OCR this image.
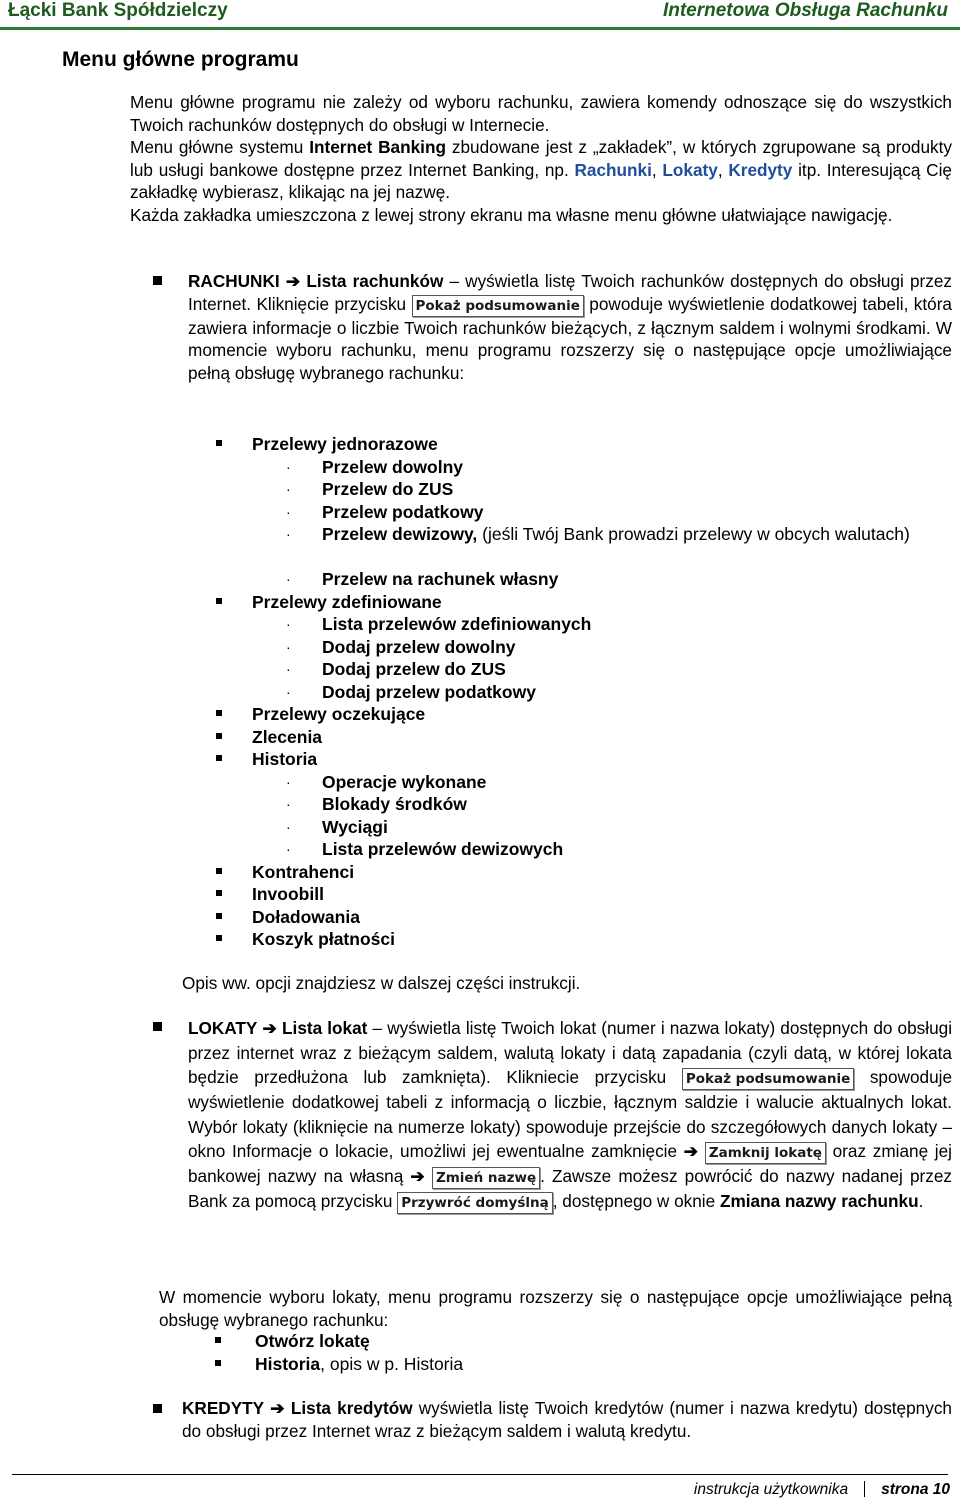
Łącki Bank Spółdzielczy	Internetowa Obsługa Rachunku
Menu główne programu
Menu główne programu nie zależy od wyboru rachunku, zawiera komendy odnoszące się do wszystkich Twoich rachunków dostępnych do obsługi w Internecie.
Menu główne systemu Internet Banking zbudowane jest z „zakładek”, w których zgrupowane są produkty lub usługi bankowe dostępne przez Internet Banking, np. Rachunki, Lokaty, Kredyty itp. Interesującą Cię zakładkę wybierasz, klikając na jej nazwę.
Każda zakładka umieszczona z lewej strony ekranu ma własne menu główne ułatwiające nawigację.
RACHUNKI ➔ Lista rachunków – wyświetla listę Twoich rachunków dostępnych do obsługi przez Internet. Kliknięcie przycisku Pokaż podsumowanie powoduje wyświetlenie dodatkowej tabeli, która zawiera informacje o liczbie Twoich rachunków bieżących, z łącznym saldem i wolnymi środkami. W momencie wyboru rachunku, menu programu rozszerzy się o następujące opcje umożliwiające pełną obsługę wybranego rachunku:
Przelewy jednorazowe
· Przelew dowolny
· Przelew do ZUS
· Przelew podatkowy
· Przelew dewizowy, (jeśli Twój Bank prowadzi przelewy w obcych walutach)
· Przelew na rachunek własny
Przelewy zdefiniowane
· Lista przelewów zdefiniowanych
· Dodaj przelew dowolny
· Dodaj przelew do ZUS
· Dodaj przelew podatkowy
Przelewy oczekujące
Zlecenia
Historia
· Operacje wykonane
· Blokady środków
· Wyciągi
· Lista przelewów dewizowych
Kontrahenci
Invoobill
Doładowania
Koszyk płatności
Opis ww. opcji znajdziesz w dalszej części instrukcji.
LOKATY ➔ Lista lokat – wyświetla listę Twoich lokat (numer i nazwa lokaty) dostępnych do obsługi przez internet wraz z bieżącym saldem, walutą lokaty i datą zapadania (czyli datą, w której lokata będzie przedłużona lub zamknięta). Klikniecie przycisku Pokaż podsumowanie spowoduje wyświetlenie dodatkowej tabeli z informacją o liczbie, łącznym saldzie i walucie aktualnych lokat. Wybór lokaty (kliknięcie na numerze lokaty) spowoduje przejście do szczegółowych danych lokaty – okno Informacje o lokacie, umożliwi jej ewentualne zamknięcie ➔ Zamknij lokatę oraz zmianę jej bankowej nazwy na własną ➔ Zmień nazwę . Zawsze możesz powrócić do nazwy nadanej przez Bank za pomocą przycisku Przywróć domyślną , dostępnego w oknie Zmiana nazwy rachunku.
W momencie wyboru lokaty, menu programu rozszerzy się o następujące opcje umożliwiające pełną obsługę wybranego rachunku:
Otwórz lokatę
Historia, opis w p. Historia
KREDYTY ➔ Lista kredytów wyświetla listę Twoich kredytów (numer i nazwa kredytu) dostępnych do obsługi przez Internet wraz z bieżącym saldem i walutą kredytu.
instrukcja użytkownika strona 10
